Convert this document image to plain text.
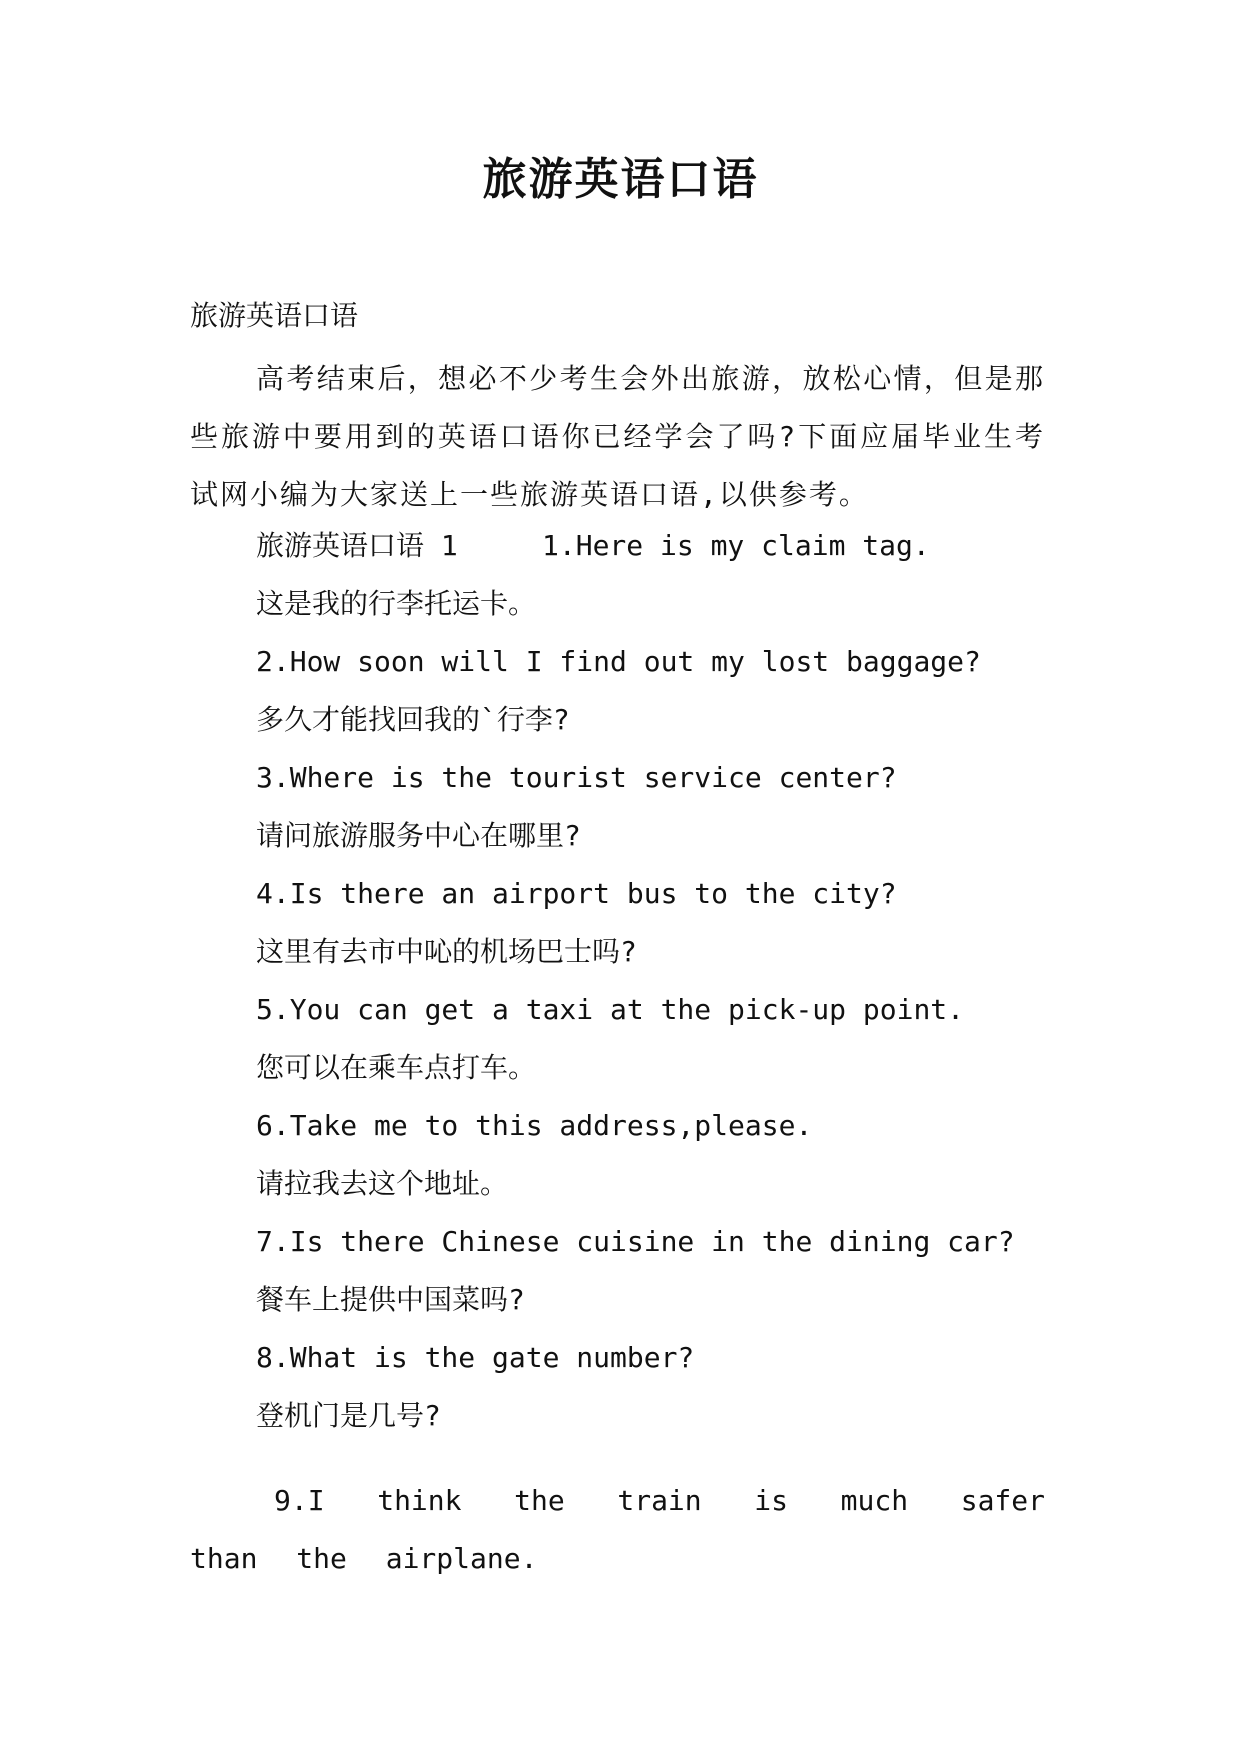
旅游英语口语
旅游英语口语
高考结束后，想必不少考生会外出旅游，放松心情，但是那些旅游中要用到的英语口语你已经学会了吗?下面应届毕业生考试网小编为大家送上一些旅游英语口语,以供参考。
旅游英语口语 1     1.Here is my claim tag.
这是我的行李托运卡。
2.How soon will I find out my lost baggage?
多久才能找回我的`行李?
3.Where is the tourist service center?
请问旅游服务中心在哪里?
4.Is there an airport bus to the city?
这里有去市中吣的机场巴士吗?
5.You can get a taxi at the pick-up point.
您可以在乘车点打车。
6.Take me to this address,please.
请拉我去这个地址。
7.Is there Chinese cuisine in the dining car?
餐车上提供中国菜吗?
8.What is the gate number?
登机门是几号?
9.I think the train is much safer than the airplane.
